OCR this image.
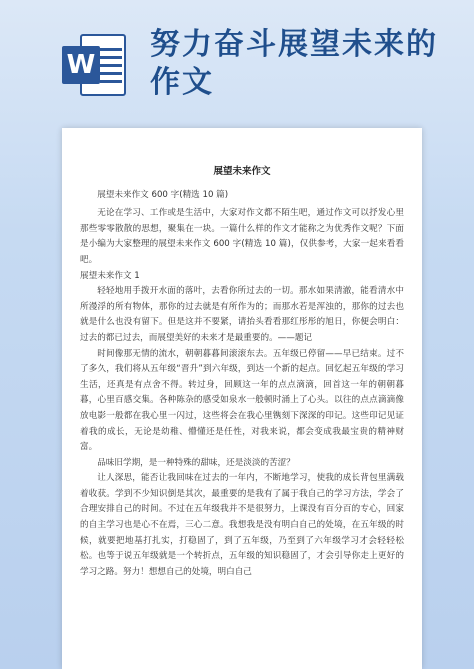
W
努力奋斗展望未来的作文
展望未来作文

展望未来作文 600 字(精选 10 篇)

无论在学习、工作或是生活中，大家对作文都不陌生吧，通过作文可以抒发心里那些零零散散的思想，聚集在一块。一篇什么样的作文才能称之为优秀作文呢？下面是小编为大家整理的展望未来作文 600 字(精选 10 篇)，仅供参考，大家一起来看看吧。

展望未来作文 1

轻轻地用手拨开水面的落叶，去看你所过去的一切。那水如果清澈，能看清水中所漫浮的所有物体，那你的过去就是有所作为的；而那水若是浑浊的，那你的过去也就是什么也没有留下。但是这并不要紧，请抬头看看那红彤彤的旭日，你便会明白：过去的都已过去，而展望美好的未来才是最重要的。——题记

时间像那无情的流水，朝朝暮暮间滚滚东去。五年级已停留——早已结束。过不了多久，我们将从五年级“晋升”到六年级，到达一个新的起点。回忆起五年级的学习生活，还真是有点舍不得。转过身，回顾这一年的点点滴滴，回首这一年的朝朝暮暮，心里百感交集。各种陈杂的感受如泉水一般顿时涌上了心头。以往的点点滴滴像放电影一般都在我心里一闪过，这些将会在我心里镌刻下深深的印记。这些印记见证着我的成长，无论是幼稚、懵懂还是任性，对我来说，都会变成我最宝贵的精神财富。

品味旧学期，是一种特殊的甜味，还是淡淡的苦涩？

让人深思，能否让我回味在过去的一年内，不断地学习，使我的成长背包里满载着收获。学到不少知识倒是其次，最重要的是我有了属于我自己的学习方法，学会了合理安排自己的时间。不过在五年级我并不是很努力，上课没有百分百的专心，回家的自主学习也是心不在焉，三心二意。我想我是没有明白自己的处境，在五年级的时候，就要把地基打扎实，打稳固了，到了五年级，乃至到了六年级学习才会轻轻松松。也等于说五年级就是一个转折点，五年级的知识稳固了，才会引导你走上更好的学习之路。努力！想想自己的处境，明白自己
